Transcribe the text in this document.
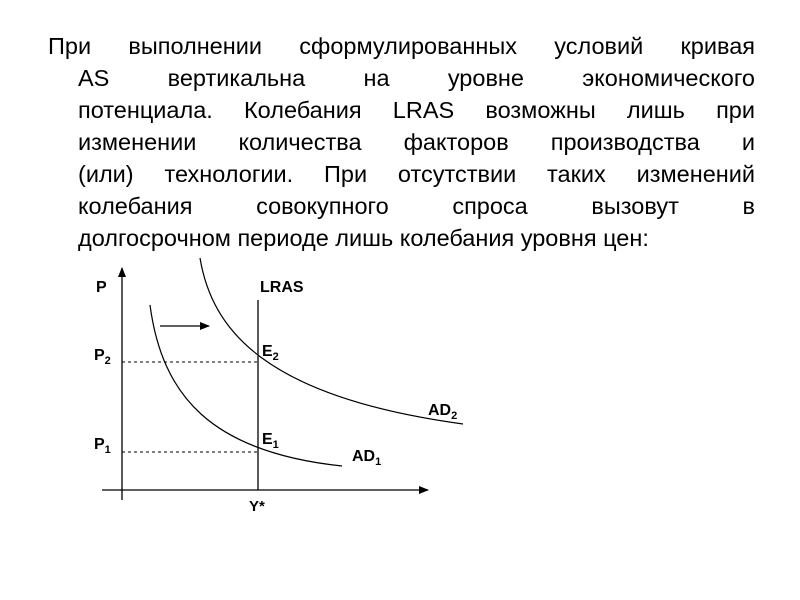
При выполнении сформулированных условий кривая
AS вертикальна на уровне экономического
потенциала. Колебания LRAS возможны лишь при
изменении количества факторов производства и
(или) технологии. При отсутствии таких изменений
колебания совокупного спроса вызовут в
долгосрочном периоде лишь колебания уровня цен:
P	LRAS
$P_2$
$P_1$
$E_2$
$E_1$
$AD_2$
$AD_1$
Y*
